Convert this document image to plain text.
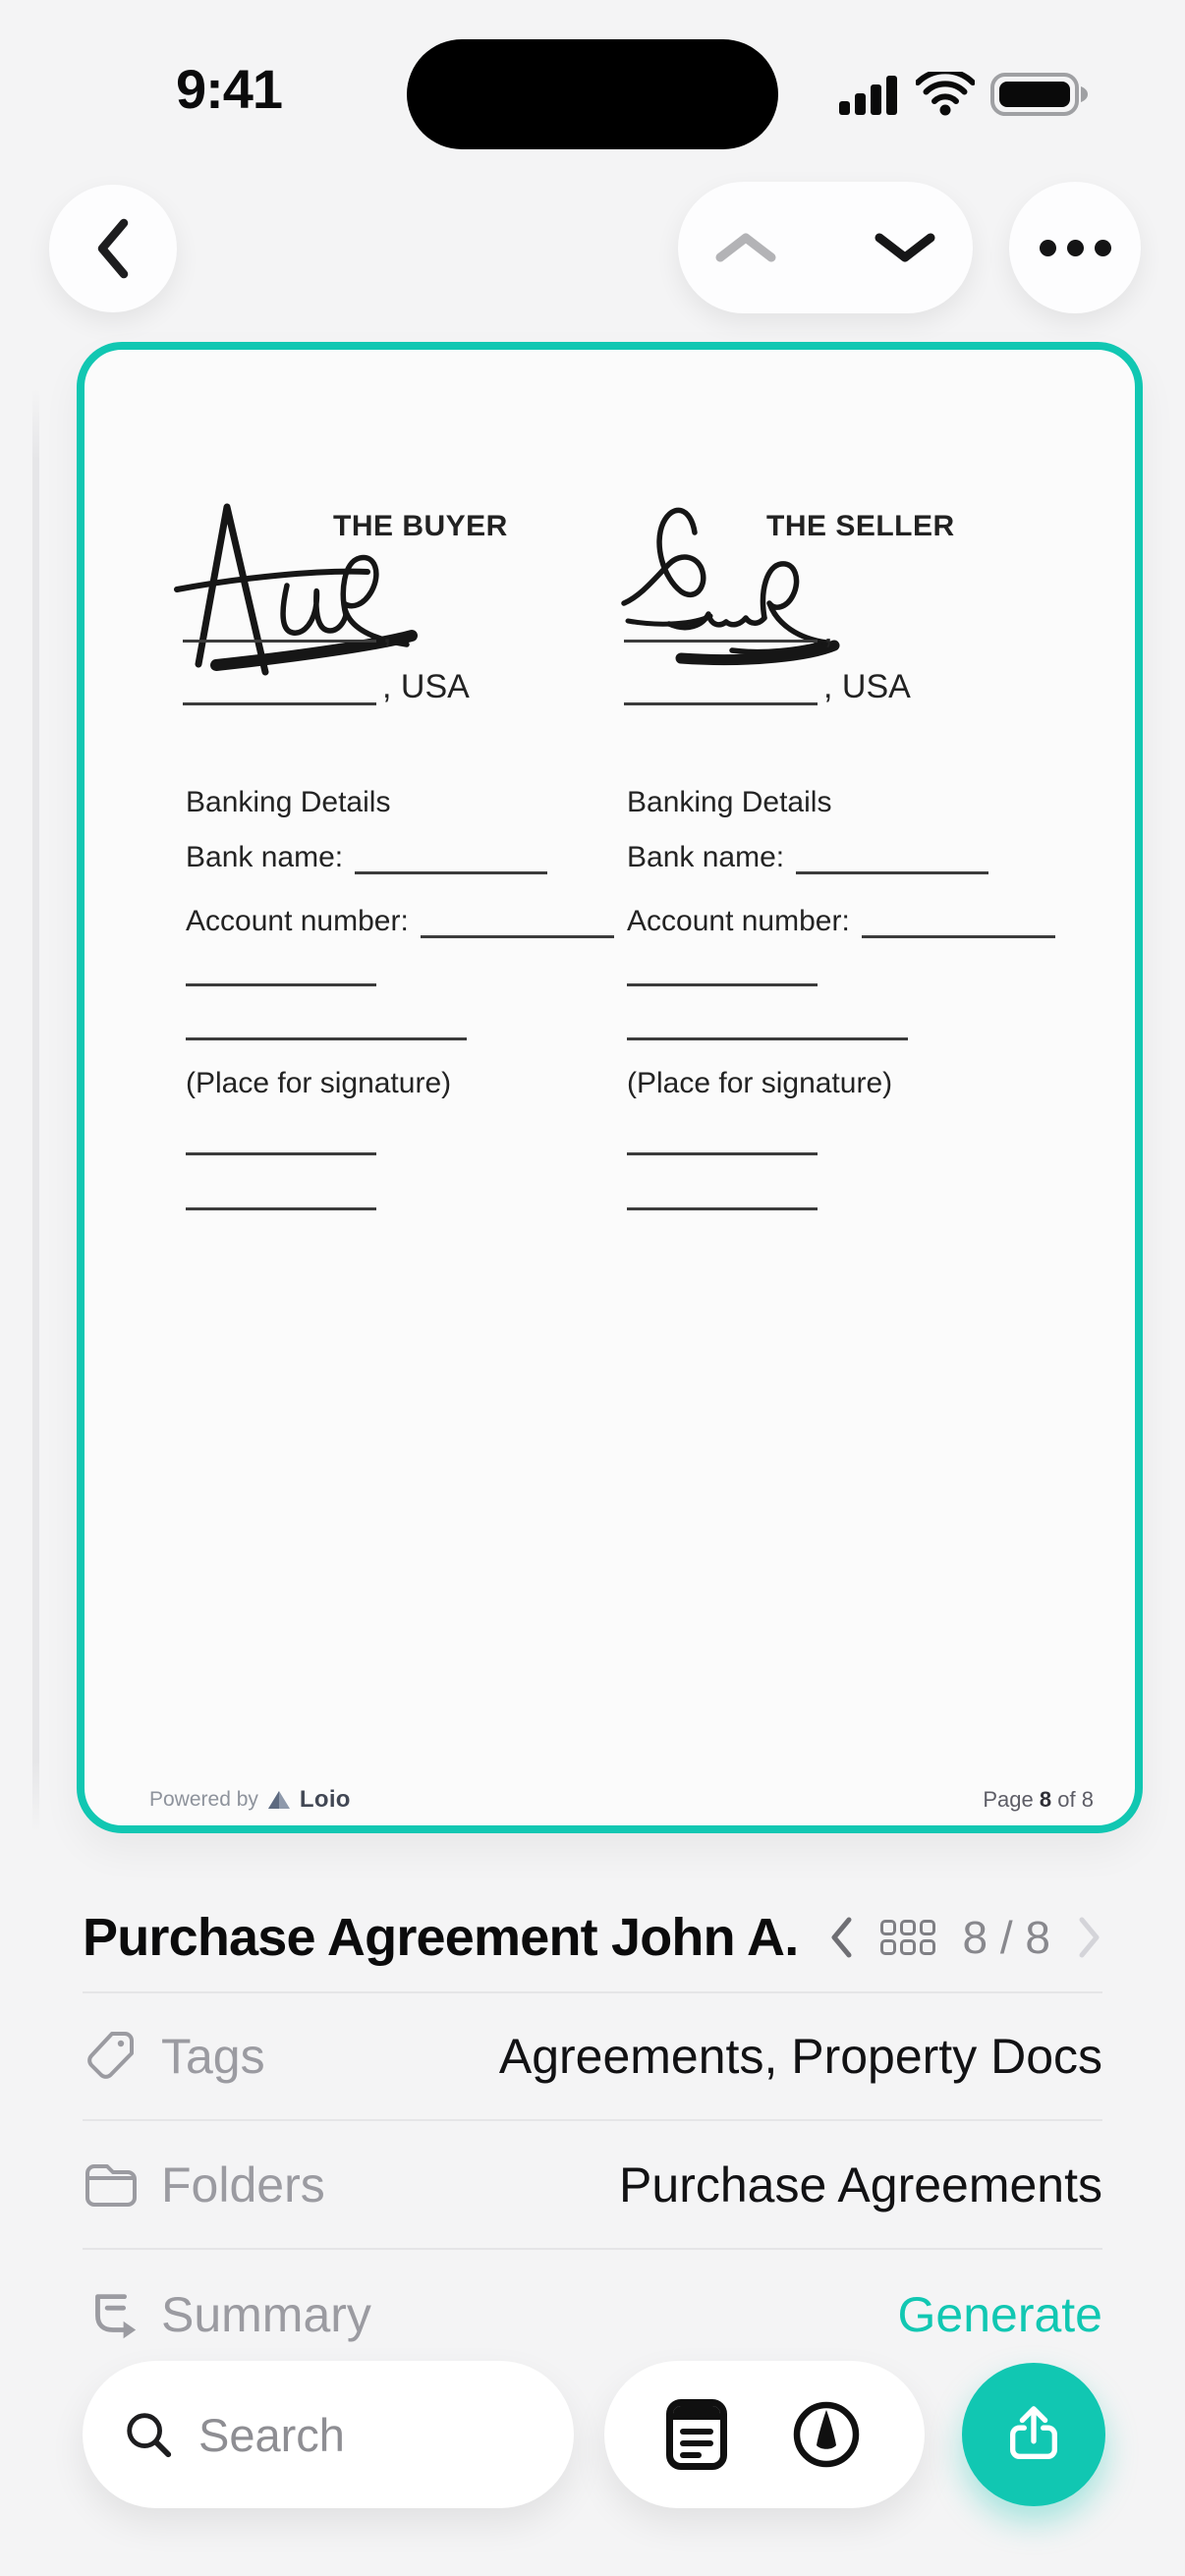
9:41
THE BUYER
,
, USA
Banking Details
Bank name:
Account number:
(Place for signature)
THE SELLER
,
, USA
Banking Details
Bank name:
Account number:
(Place for signature)
Powered by Loio	Page 8 of 8
Purchase Agreement John A.	8 / 8
Tags	Agreements, Property Docs
Folders	Purchase Agreements
Summary	Generate
Search
